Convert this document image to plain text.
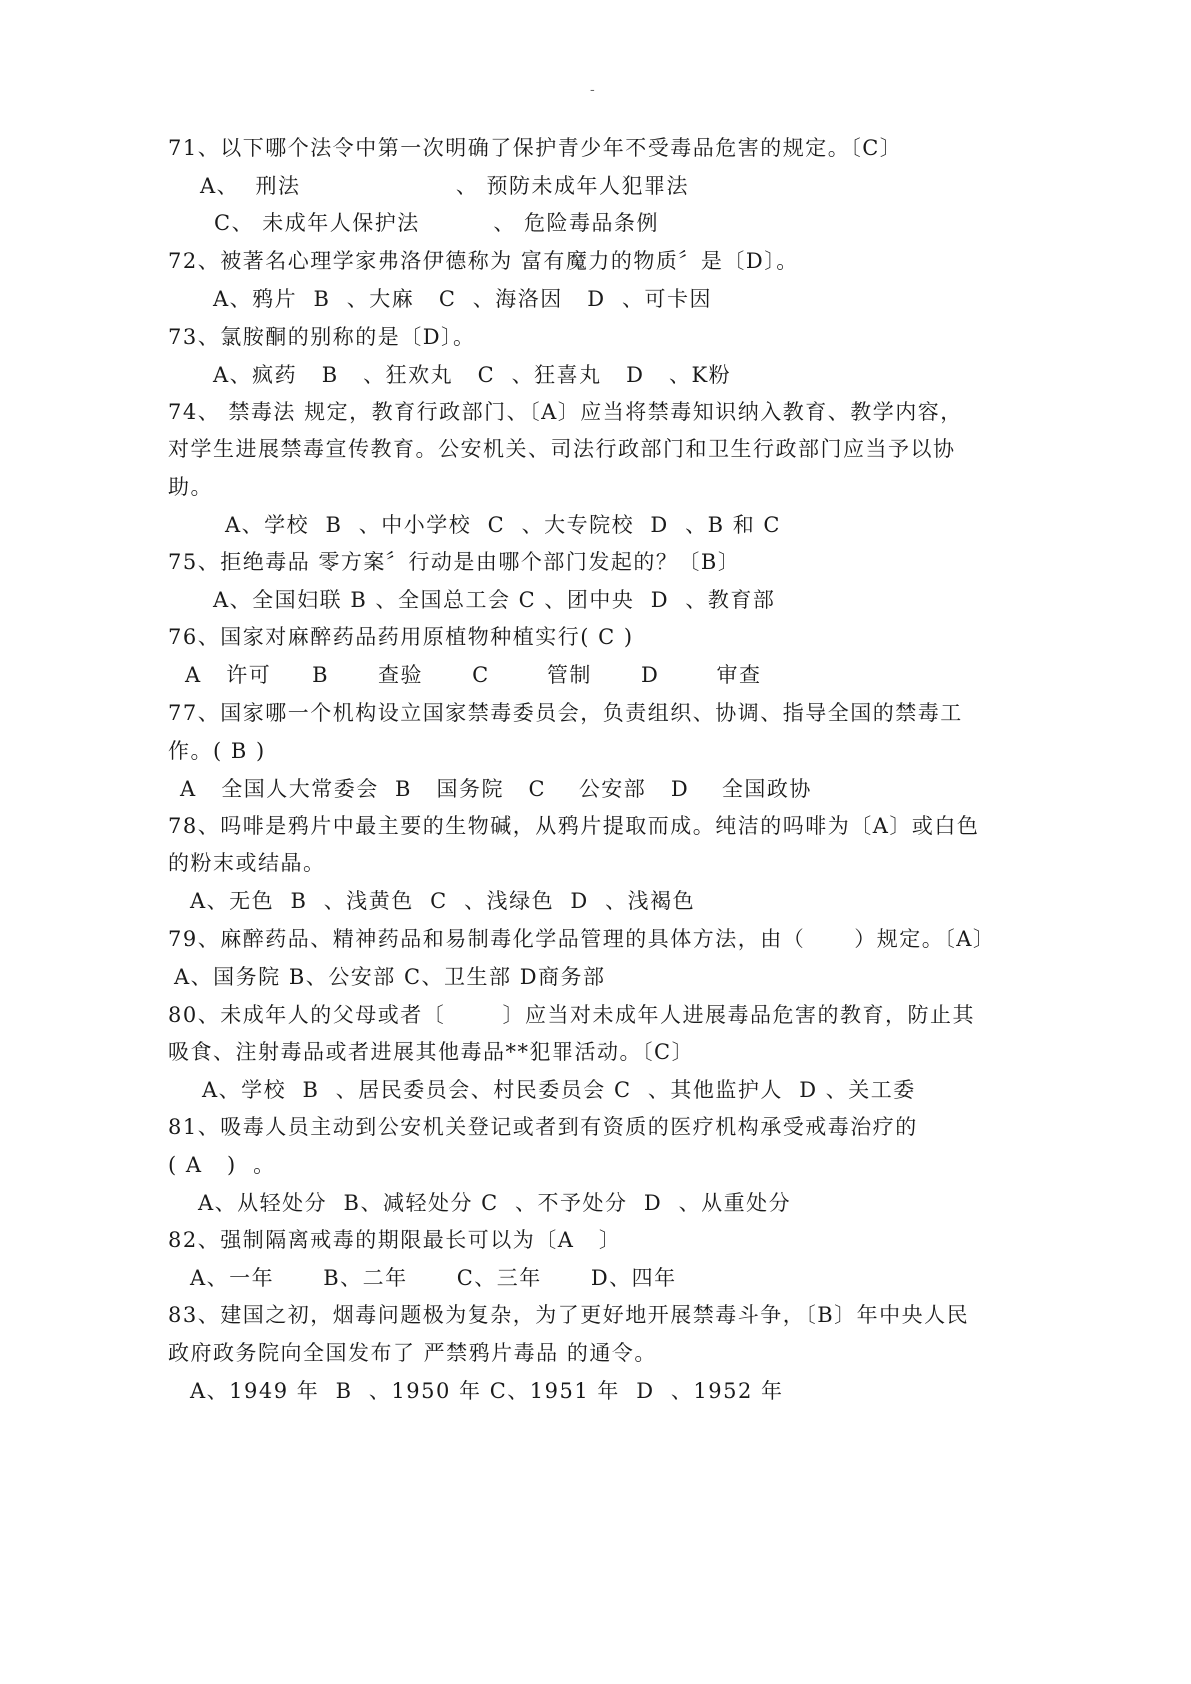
-
71、以下哪个法令中第一次明确了保护青少年不受毒品危害的规定。〔C〕
A、  刑法                   、 预防未成年人犯罪法
C、 未成年人保护法         、 危险毒品条例
72、被著名心理学家弗洛伊德称为 富有魔力的物质〞是〔D〕。
A、鸦片  B  、大麻   C  、海洛因   D  、可卡因
73、氯胺酮的别称的是〔D〕。
A、疯药   B   、狂欢丸   C  、狂喜丸   D   、K粉
74、 禁毒法 规定，教育行政部门、〔A〕应当将禁毒知识纳入教育、教学内容，
对学生进展禁毒宣传教育。公安机关、司法行政部门和卫生行政部门应当予以协
助。
A、学校  B  、中小学校  C  、大专院校  D  、B 和 C
75、拒绝毒品 零方案〞行动是由哪个部门发起的？〔B〕
A、全国妇联 B 、全国总工会 C 、团中央  D  、教育部
76、国家对麻醉药品药用原植物种植实行( C )
A   许可     B      查验      C       管制      D       审查
77、国家哪一个机构设立国家禁毒委员会，负责组织、协调、指导全国的禁毒工
作。( B )
A   全国人大常委会  B   国务院   C    公安部   D    全国政协
78、吗啡是鸦片中最主要的生物碱，从鸦片提取而成。纯洁的吗啡为〔A〕或白色
的粉末或结晶。
A、无色  B  、浅黄色  C  、浅绿色  D  、浅褐色
79、麻醉药品、精神药品和易制毒化学品管理的具体方法，由（      ）规定。〔A〕
A、国务院 B、公安部 C、卫生部 D商务部
80、未成年人的父母或者〔       〕应当对未成年人进展毒品危害的教育，防止其
吸食、注射毒品或者进展其他毒品**犯罪活动。〔C〕
A、学校  B  、居民委员会、村民委员会 C  、其他监护人  D 、关工委
81、吸毒人员主动到公安机关登记或者到有资质的医疗机构承受戒毒治疗的
( A   )  。
A、从轻处分  B、减轻处分 C  、不予处分  D  、从重处分
82、强制隔离戒毒的期限最长可以为〔A   〕
A、一年      B、二年      C、三年      D、四年
83、建国之初，烟毒问题极为复杂，为了更好地开展禁毒斗争，〔B〕年中央人民
政府政务院向全国发布了 严禁鸦片毒品 的通令。
A、1949 年  B  、1950 年 C、1951 年  D  、1952 年
